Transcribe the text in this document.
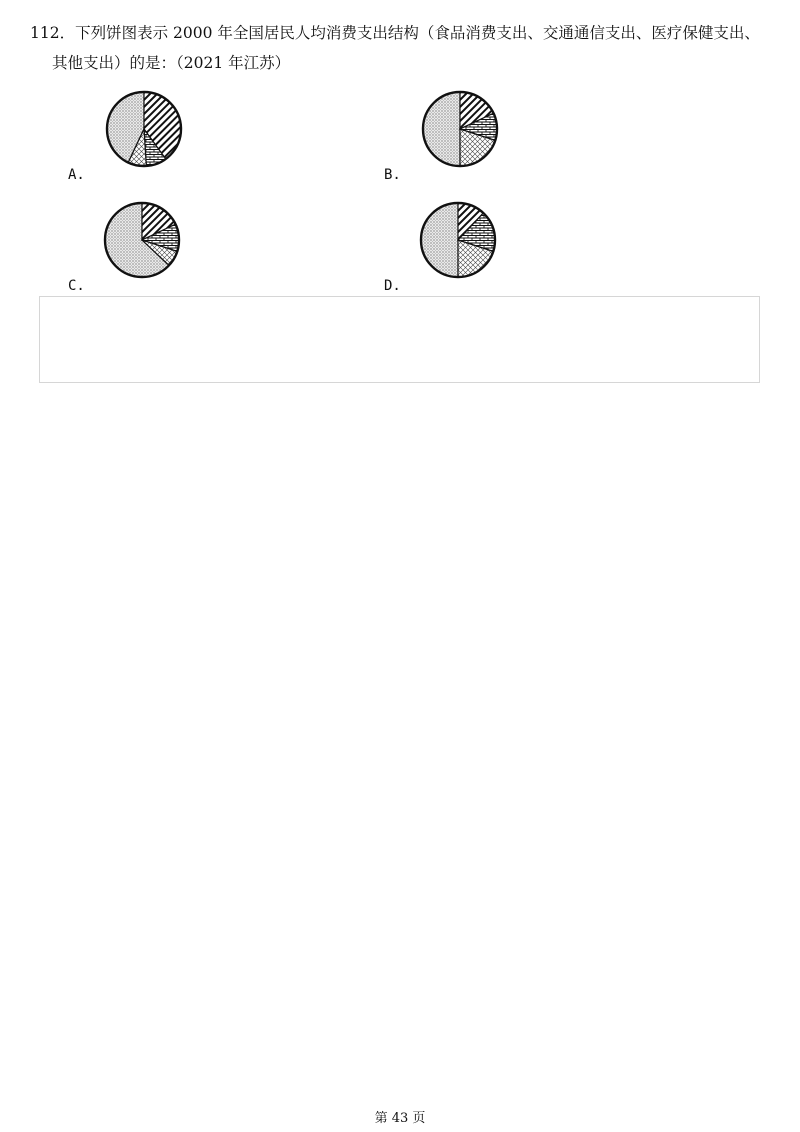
112．下列饼图表示 2000 年全国居民人均消费支出结构（食品消费支出、交通通信支出、医疗保健支出、
其他支出）的是：（2021 年江苏）
A.	B.
C.	D.
第 43 页
